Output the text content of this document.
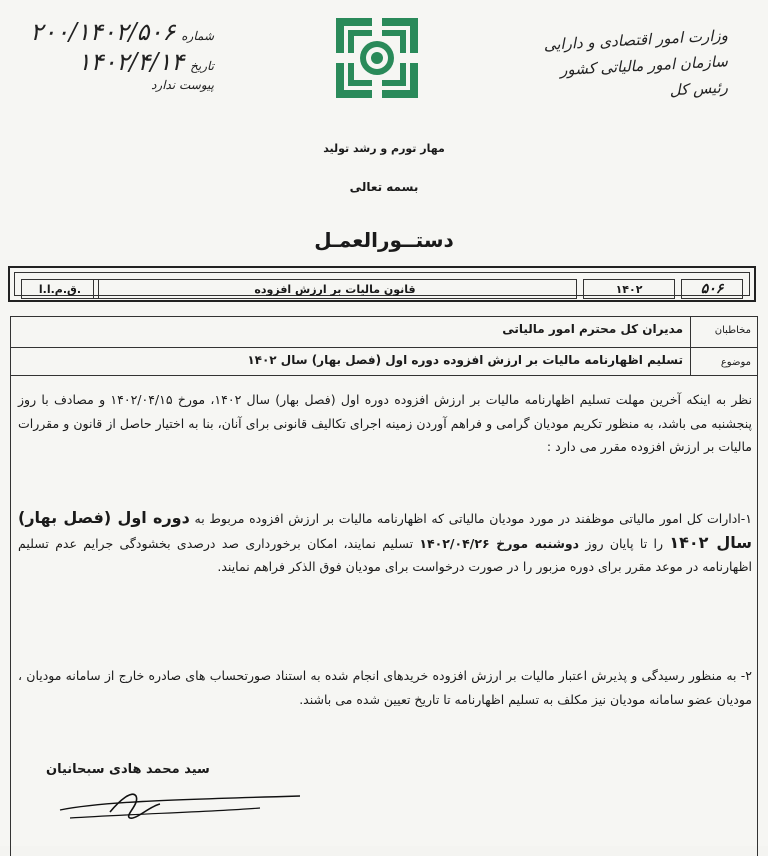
وزارت امور اقتصادی و دارایی
سازمان امور مالیاتی کشور
رئیس کل
شماره
۲۰۰/۱۴۰۲/۵۰۶
تاریخ
۱۴۰۲/۴/۱۴
پیوست ندارد
مهار تورم و رشد تولید
بسمه تعالی
دستــورالعمـل
۵۰۶
۱۴۰۲
قانون مالیات بر ارزش افزوده
ق.م.ا.ا.
مخاطبان
مدیران کل محترم امور مالیاتی
موضوع
تسلیم اظهارنامه مالیات بر ارزش افزوده دوره اول (فصل بهار) سال ۱۴۰۲
نظر به اینکه آخرین مهلت تسلیم اظهارنامه مالیات بر ارزش افزوده دوره اول (فصل بهار) سال ۱۴۰۲، مورخ ۱۴۰۲/۰۴/۱۵ و مصادف با روز پنجشنبه می باشد، به منظور تکریم مودیان گرامی و فراهم آوردن زمینه اجرای تکالیف قانونی برای آنان، بنا به اختیار حاصل از قانون و مقررات مالیات بر ارزش افزوده مقرر می دارد :
۱-ادارات کل امور مالیاتی موظفند در مورد مودیان مالیاتی که اظهارنامه مالیات بر ارزش افزوده مربوط به دوره اول (فصل بهار) سال ۱۴۰۲ را تا پایان روز دوشنبه مورخ ۱۴۰۲/۰۴/۲۶ تسلیم نمایند، امکان برخورداری صد درصدی بخشودگی جرایم عدم تسلیم اظهارنامه در موعد مقرر برای دوره مزبور را در صورت درخواست برای مودیان فوق الذکر فراهم نمایند.
۲- به منظور رسیدگی و پذیرش اعتبار مالیات بر ارزش افزوده خریدهای انجام شده به استناد صورتحساب های صادره خارج از سامانه مودیان ، مودیان عضو سامانه مودیان نیز مکلف به تسلیم اظهارنامه تا تاریخ تعیین شده می باشند.
سید محمد هادی سبحانیان
